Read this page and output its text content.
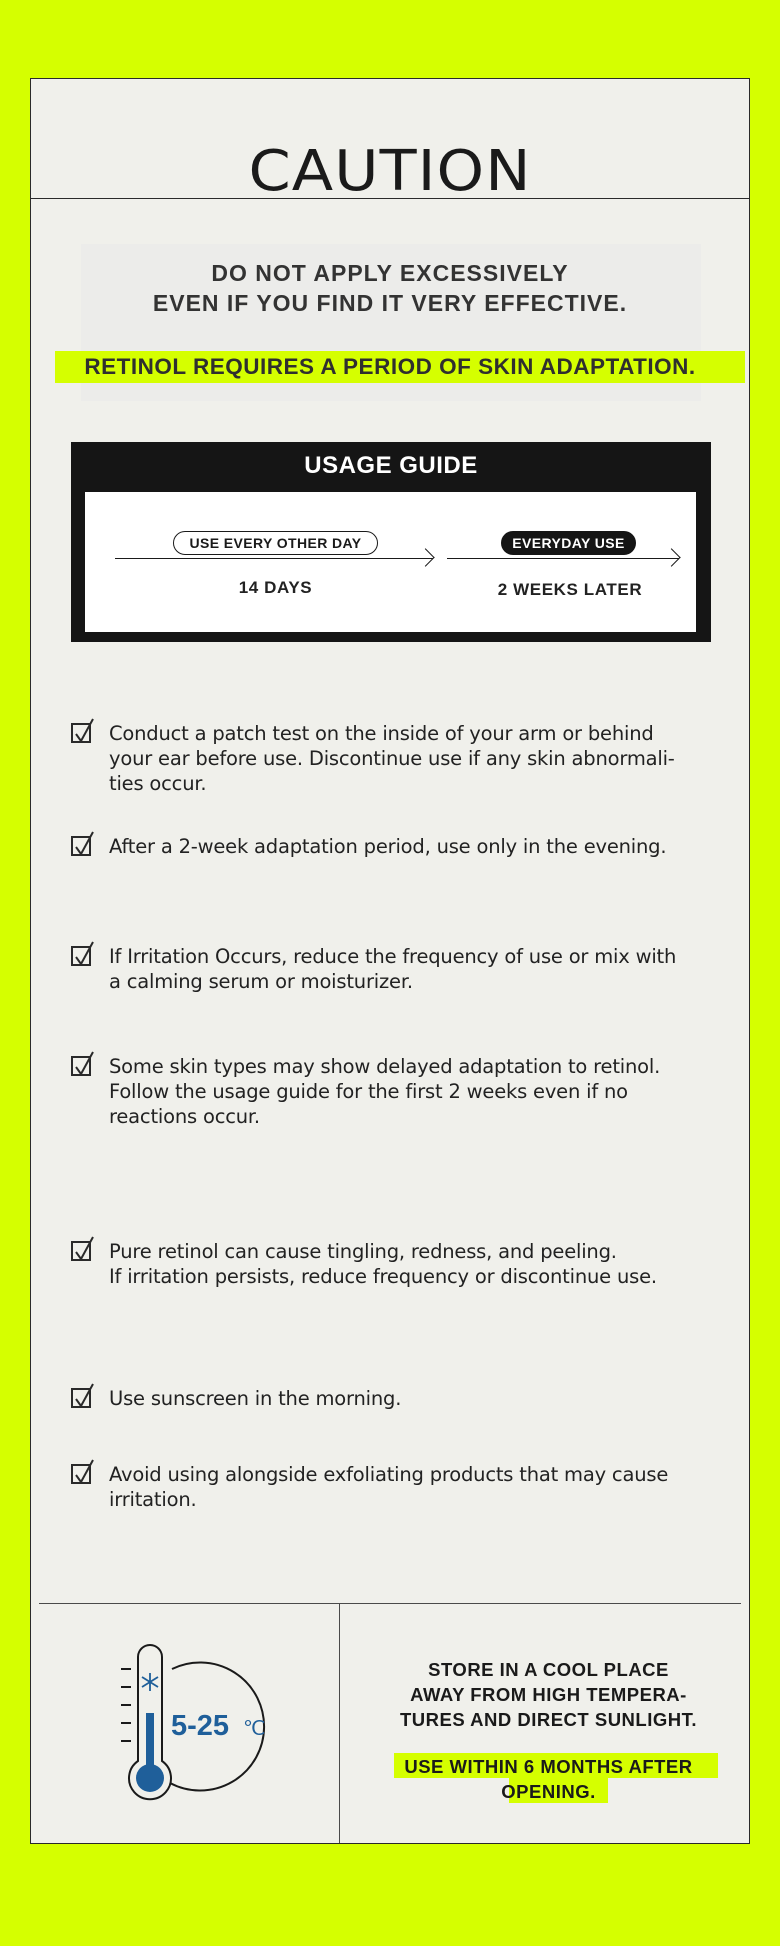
CAUTION
DO NOT APPLY EXCESSIVELY
EVEN IF YOU FIND IT VERY EFFECTIVE.
RETINOL REQUIRES A PERIOD OF SKIN ADAPTATION.
USAGE GUIDE
USE EVERY OTHER DAY	EVERYDAY USE
14 DAYS	2 WEEKS LATER
Conduct a patch test on the inside of your arm or behind
your ear before use. Discontinue use if any skin abnormali-
ties occur.
After a 2-week adaptation period, use only in the evening.
If Irritation Occurs, reduce the frequency of use or mix with
a calming serum or moisturizer.
Some skin types may show delayed adaptation to retinol.
Follow the usage guide for the first 2 weeks even if no
reactions occur.
Pure retinol can cause tingling, redness, and peeling.
If irritation persists, reduce frequency or discontinue use.
Use sunscreen in the morning.
Avoid using alongside exfoliating products that may cause
irritation.
5-25 ℃
STORE IN A COOL PLACE
AWAY FROM HIGH TEMPERA-
TURES AND DIRECT SUNLIGHT.
USE WITHIN 6 MONTHS AFTER
OPENING.
